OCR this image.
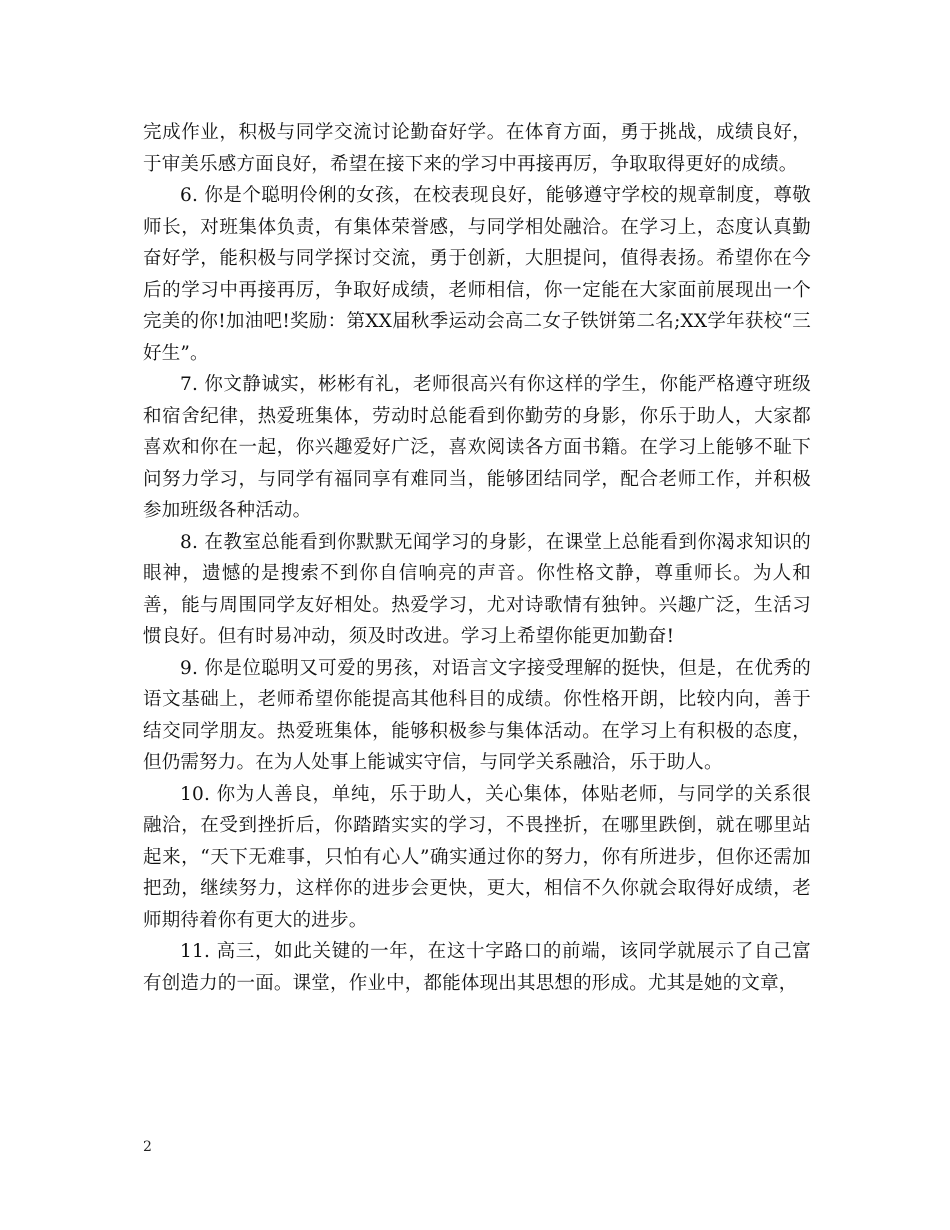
完成作业，积极与同学交流讨论勤奋好学。在体育方面，勇于挑战，成绩良好，于审美乐感方面良好，希望在接下来的学习中再接再厉，争取取得更好的成绩。

6. 你是个聪明伶俐的女孩，在校表现良好，能够遵守学校的规章制度，尊敬师长，对班集体负责，有集体荣誉感，与同学相处融洽。在学习上，态度认真勤奋好学，能积极与同学探讨交流，勇于创新，大胆提问，值得表扬。希望你在今后的学习中再接再厉，争取好成绩，老师相信，你一定能在大家面前展现出一个完美的你!加油吧!奖励：第XX届秋季运动会高二女子铁饼第二名;XX学年获校“三好生”。

7. 你文静诚实，彬彬有礼，老师很高兴有你这样的学生，你能严格遵守班级和宿舍纪律，热爱班集体，劳动时总能看到你勤劳的身影，你乐于助人，大家都喜欢和你在一起，你兴趣爱好广泛，喜欢阅读各方面书籍。在学习上能够不耻下问努力学习，与同学有福同享有难同当，能够团结同学，配合老师工作，并积极参加班级各种活动。

8. 在教室总能看到你默默无闻学习的身影，在课堂上总能看到你渴求知识的眼神，遗憾的是搜索不到你自信响亮的声音。你性格文静，尊重师长。为人和善，能与周围同学友好相处。热爱学习，尤对诗歌情有独钟。兴趣广泛，生活习惯良好。但有时易冲动，须及时改进。学习上希望你能更加勤奋!

9. 你是位聪明又可爱的男孩，对语言文字接受理解的挺快，但是，在优秀的语文基础上，老师希望你能提高其他科目的成绩。你性格开朗，比较内向，善于结交同学朋友。热爱班集体，能够积极参与集体活动。在学习上有积极的态度，但仍需努力。在为人处事上能诚实守信，与同学关系融洽，乐于助人。

10. 你为人善良，单纯，乐于助人，关心集体，体贴老师，与同学的关系很融洽，在受到挫折后，你踏踏实实的学习，不畏挫折，在哪里跌倒，就在哪里站起来，“天下无难事，只怕有心人”确实通过你的努力，你有所进步，但你还需加把劲，继续努力，这样你的进步会更快，更大，相信不久你就会取得好成绩，老师期待着你有更大的进步。

11. 高三，如此关键的一年，在这十字路口的前端，该同学就展示了自己富有创造力的一面。课堂，作业中，都能体现出其思想的形成。尤其是她的文章，

2
